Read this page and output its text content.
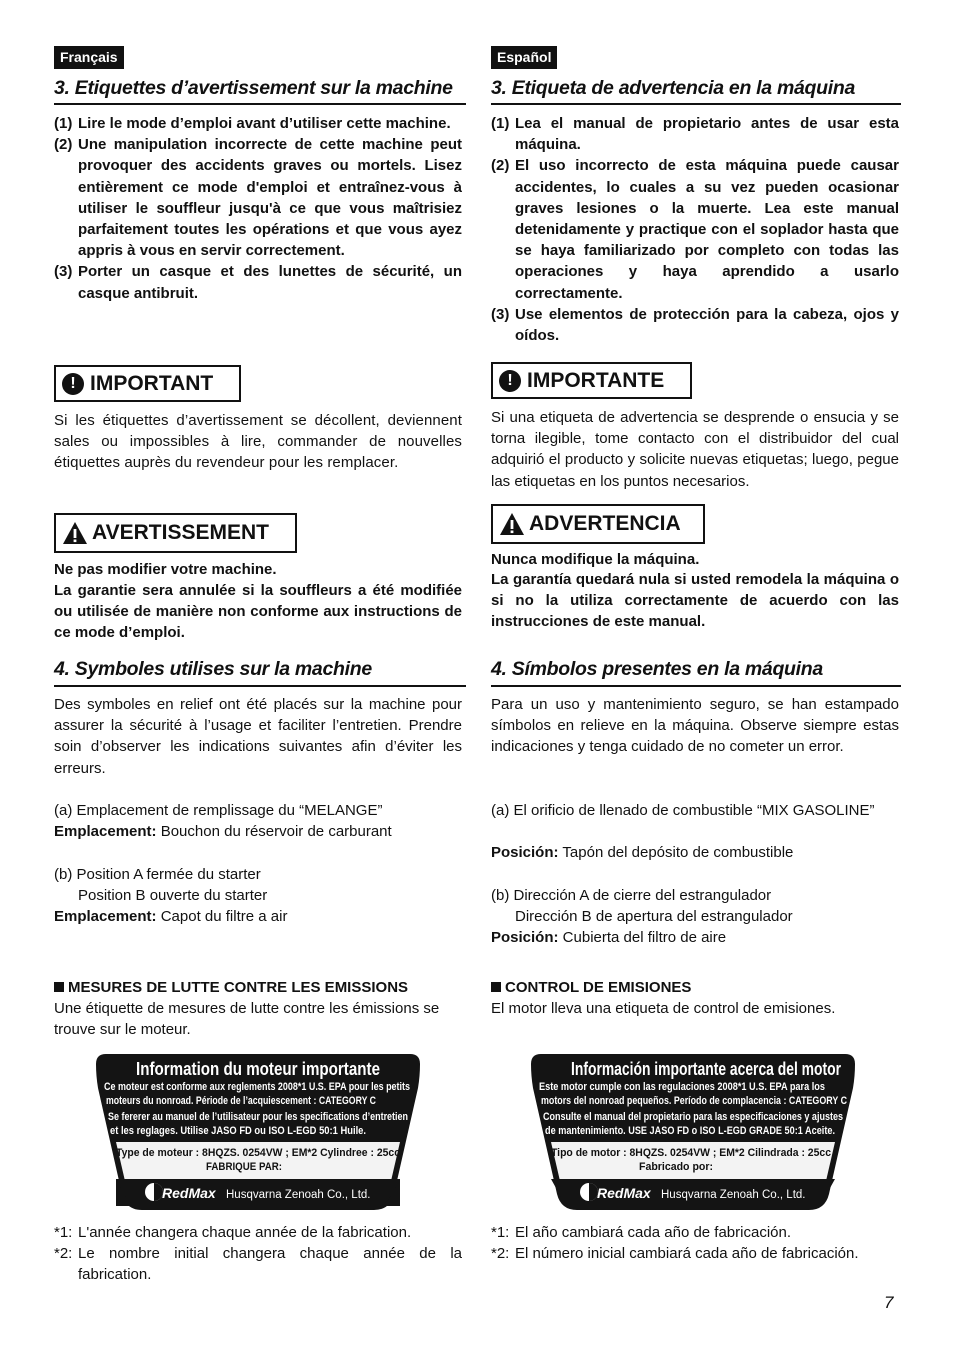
Français
3. Etiquettes d’avertissement sur la machine
(1) Lire le mode d’emploi avant d’utiliser cette machine.
(2) Une manipulation incorrecte de cette machine peut provoquer des accidents graves ou mortels. Lisez entièrement ce mode d'emploi et entraînez-vous à utiliser le souffleur jusqu'à ce que vous maîtrisiez parfaitement toutes les opérations et que vous ayez appris à vous en servir correctement.
(3) Porter un casque et des lunettes de sécurité, un casque antibruit.
! IMPORTANT

Si les étiquettes d’avertissement se décollent, deviennent sales ou impossibles à lire, commander de nouvelles étiquettes auprès du revendeur pour les remplacer.

AVERTISSEMENT
Ne pas modifier votre machine.

La garantie sera annulée si la souffleurs a été modifiée ou utilisée de manière non conforme aux instructions de ce mode d’emploi.

4. Symboles utilises sur la machine

Des symboles en relief ont été placés sur la machine pour assurer la sécurité à l’usage et faciliter l’entretien. Prendre soin d’observer les indications suivantes afin d’éviter les erreurs.

(a) Emplacement de remplissage du “MELANGE”
Emplacement: Bouchon du réservoir de carburant
(b) Position A fermée du starter
Position B ouverte du starter
Emplacement: Capot du filtre a air
MESURES DE LUTTE CONTRE LES EMISSIONS

Une étiquette de mesures de lutte contre les émissions se trouve sur le moteur.

Information du moteur importante
Ce moteur est conforme aux reglements 2008*1 U.S. EPA pour les petits
moteurs du nonroad. Période de l’acquiescement : CATEGORY C
Se fererer au manuel de l’utilisateur pour les specifications d’entretien
et les reglages. Utilise JASO FD ou ISO L-EGD 50:1 Huile.
Type de moteur : 8HQZS. 0254VW ; EM*2 Cylindree : 25cc
FABRIQUE PAR:
RedMax Husqvarna Zenoah Co., Ltd.
*1: L'année changera chaque année de la fabrication.
*2: Le nombre initial changera chaque année de la fabrication.
Español
3. Etiqueta de advertencia en la máquina
(1) Lea el manual de propietario antes de usar esta máquina.
(2) El uso incorrecto de esta máquina puede causar accidentes, lo cuales a su vez pueden ocasionar graves lesiones o la muerte. Lea este manual detenidamente y practique con el soplador hasta que se haya familiarizado por completo con todas las operaciones y haya aprendido a usarlo correctamente.
(3) Use elementos de protección para la cabeza, ojos y oídos.
! IMPORTANTE

Si una etiqueta de advertencia se desprende o ensucia y se torna ilegible, tome contacto con el distribuidor del cual adquirió el producto y solicite nuevas etiquetas; luego, pegue las etiquetas en los puntos necesarios.

ADVERTENCIA
Nunca modifique la máquina.

La garantía quedará nula si usted remodela la máquina o si no la utiliza correctamente de acuerdo con las instrucciones de este manual.

4. Símbolos presentes en la máquina

Para un uso y mantenimiento seguro, se han estampado símbolos en relieve en la máquina. Observe siempre estas indicaciones y tenga cuidado de no cometer un error.

(a) El orificio de llenado de combustible “MIX GASOLINE”

Posición: Tapón del depósito de combustible
(b) Dirección A de cierre del estrangulador
Dirección B de apertura del estrangulador
Posición: Cubierta del filtro de aire
CONTROL DE EMISIONES

El motor lleva una etiqueta de control de emisiones.

Información importante acerca del motor
Este motor cumple con las regulaciones 2008*1 U.S. EPA para los
motors del nonroad pequeños. Período de complacencia : CATEGORY C
Consulte el manual del propietario para las especificaciones y ajustes
de mantenimiento. USE JASO FD o ISO L-EGD GRADE 50:1 Aceite.
Tipo de motor : 8HQZS. 0254VW ; EM*2 Cilindrada : 25cc
Fabricado por:
RedMax Husqvarna Zenoah Co., Ltd.
*1: El año cambiará cada año de fabricación.
*2: El número inicial cambiará cada año de fabricación.
7
